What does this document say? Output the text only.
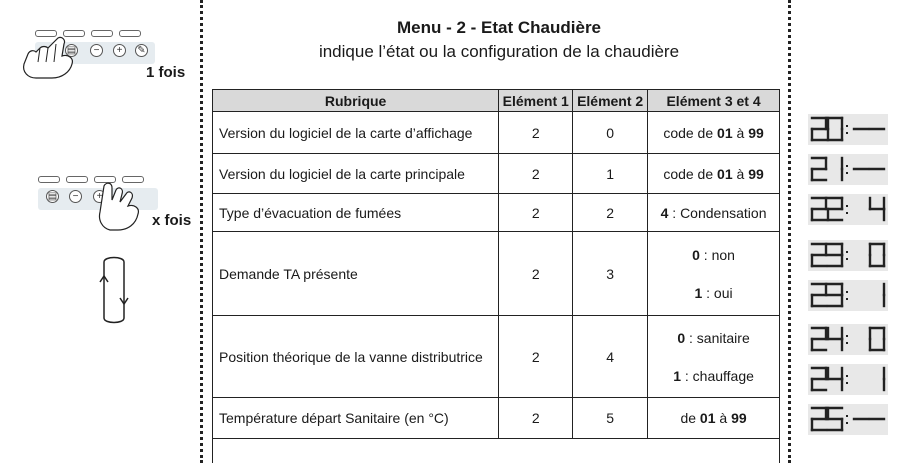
Menu - 2 - Etat Chaudière
indique l’état ou la configuration de la chaudière
▤	−	+	✎
1 fois
▤	−	+
x fois
Rubrique	Elément 1	Elément 2	Elément 3 et 4
Version du logiciel de la carte d’affichage	2	0	code de 01 à 99
Version du logiciel de la carte principale	2	1	code de 01 à 99
Type d’évacuation de fumées	2	2	4 : Condensation
Demande TA présente	2	3	0 : non
1 : oui

Position théorique de la vanne distributrice	2	4	0 : sanitaire
1 : chauffage

Température départ Sanitaire (en °C)	2	5	de 01 à 99
